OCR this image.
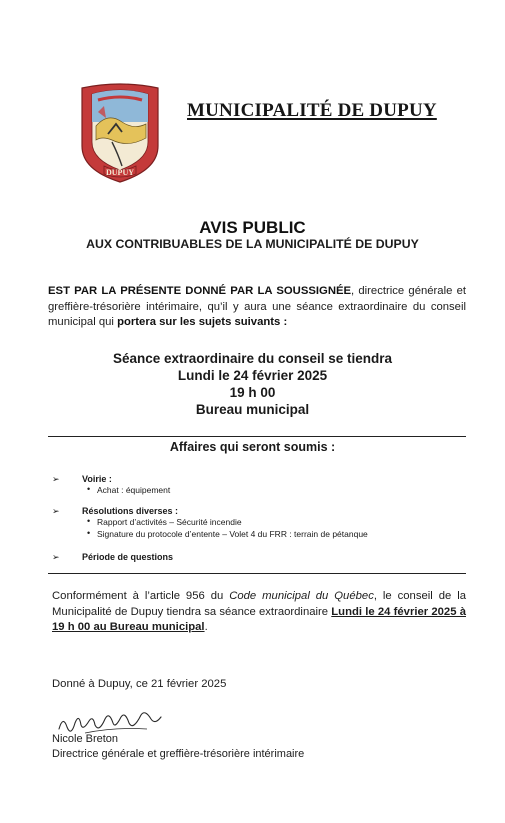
DUPUY
MUNICIPALITÉ DE DUPUY
AVIS PUBLIC
AUX CONTRIBUABLES DE LA MUNICIPALITÉ DE DUPUY
EST PAR LA PRÉSENTE DONNÉ PAR LA SOUSSIGNÉE, directrice générale et greffière-trésorière intérimaire, qu’il y aura une séance extraordinaire du conseil municipal qui portera sur les sujets suivants :
Séance extraordinaire du conseil se tiendra
Lundi le 24 février 2025
19 h 00
Bureau municipal
Affaires qui seront soumis :
➢	Voirie :
• Achat : équipement
➢	Résolutions diverses :
• Rapport d’activités – Sécurité incendie
• Signature du protocole d’entente – Volet 4 du FRR : terrain de pétanque
➢	Période de questions
Conformément à l’article 956 du Code municipal du Québec, le conseil de la Municipalité de Dupuy tiendra sa séance extraordinaire Lundi le 24 février 2025 à 19 h 00 au Bureau municipal.
Donné à Dupuy, ce 21 février 2025
Nicole Breton
Directrice générale et greffière-trésorière intérimaire
